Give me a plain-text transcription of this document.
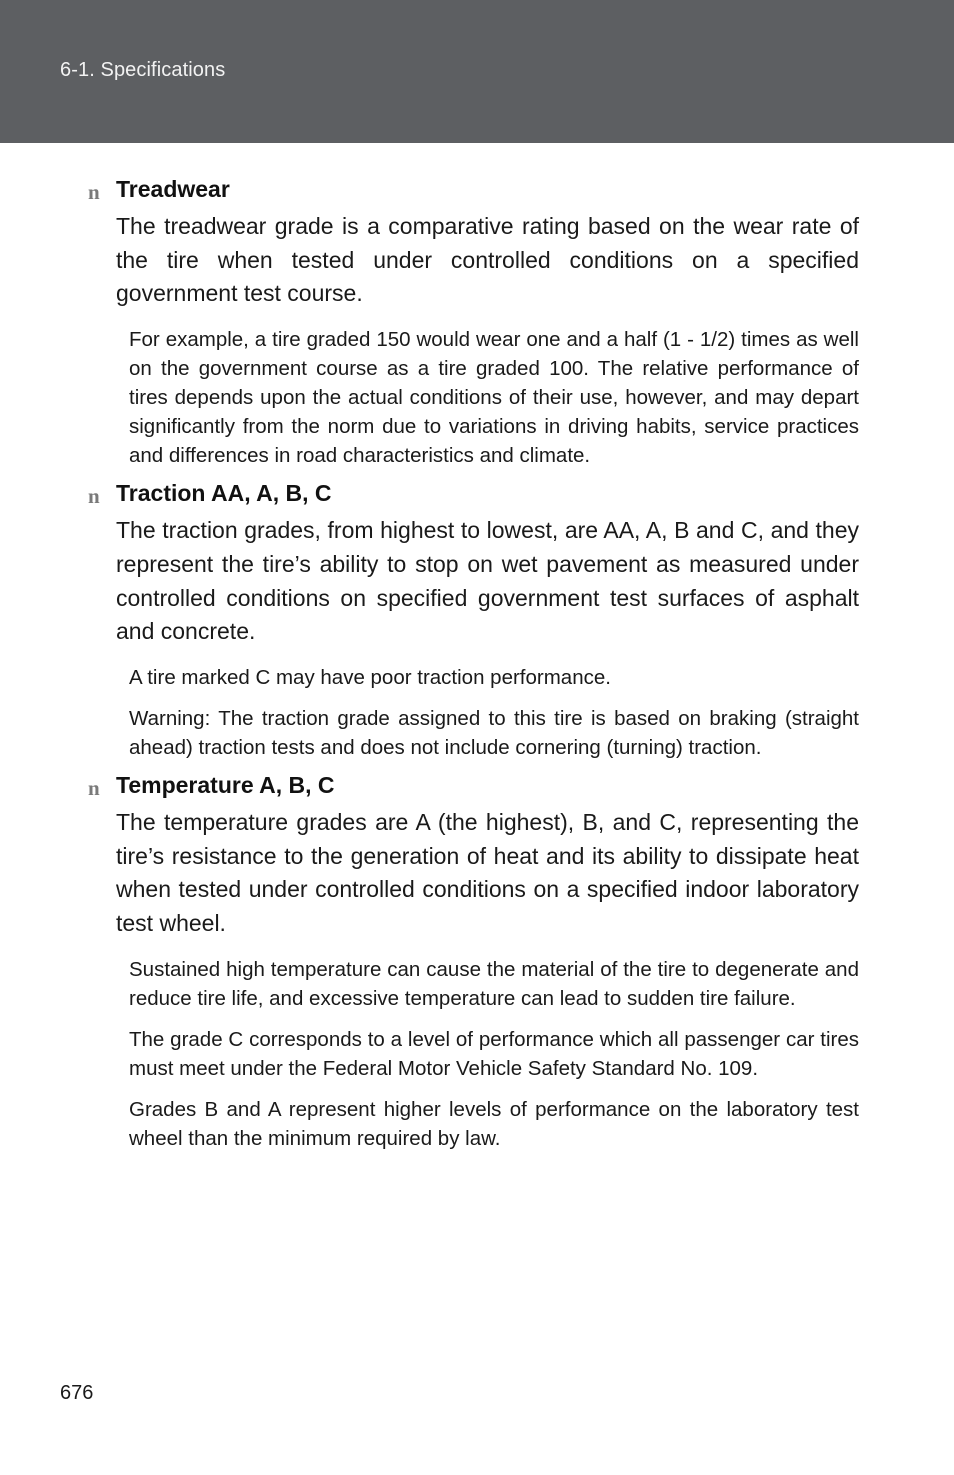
6-1. Specifications
n Treadwear

The treadwear grade is a comparative rating based on the wear rate of the tire when tested under controlled conditions on a specified government test course.

For example, a tire graded 150 would wear one and a half (1 - 1/2) times as well on the government course as a tire graded 100. The relative performance of tires depends upon the actual conditions of their use, however, and may depart significantly from the norm due to variations in driving habits, service practices and differences in road characteristics and climate.

n Traction AA, A, B, C

The traction grades, from highest to lowest, are AA, A, B and C, and they represent the tire’s ability to stop on wet pavement as measured under controlled conditions on specified government test surfaces of asphalt and concrete.

A tire marked C may have poor traction performance.

Warning: The traction grade assigned to this tire is based on braking (straight ahead) traction tests and does not include cornering (turning) traction.

n Temperature A, B, C

The temperature grades are A (the highest), B, and C, representing the tire’s resistance to the generation of heat and its ability to dissipate heat when tested under controlled conditions on a specified indoor laboratory test wheel.

Sustained high temperature can cause the material of the tire to degenerate and reduce tire life, and excessive temperature can lead to sudden tire failure.

The grade C corresponds to a level of performance which all passenger car tires must meet under the Federal Motor Vehicle Safety Standard No. 109.

Grades B and A represent higher levels of performance on the laboratory test wheel than the minimum required by law.

676
